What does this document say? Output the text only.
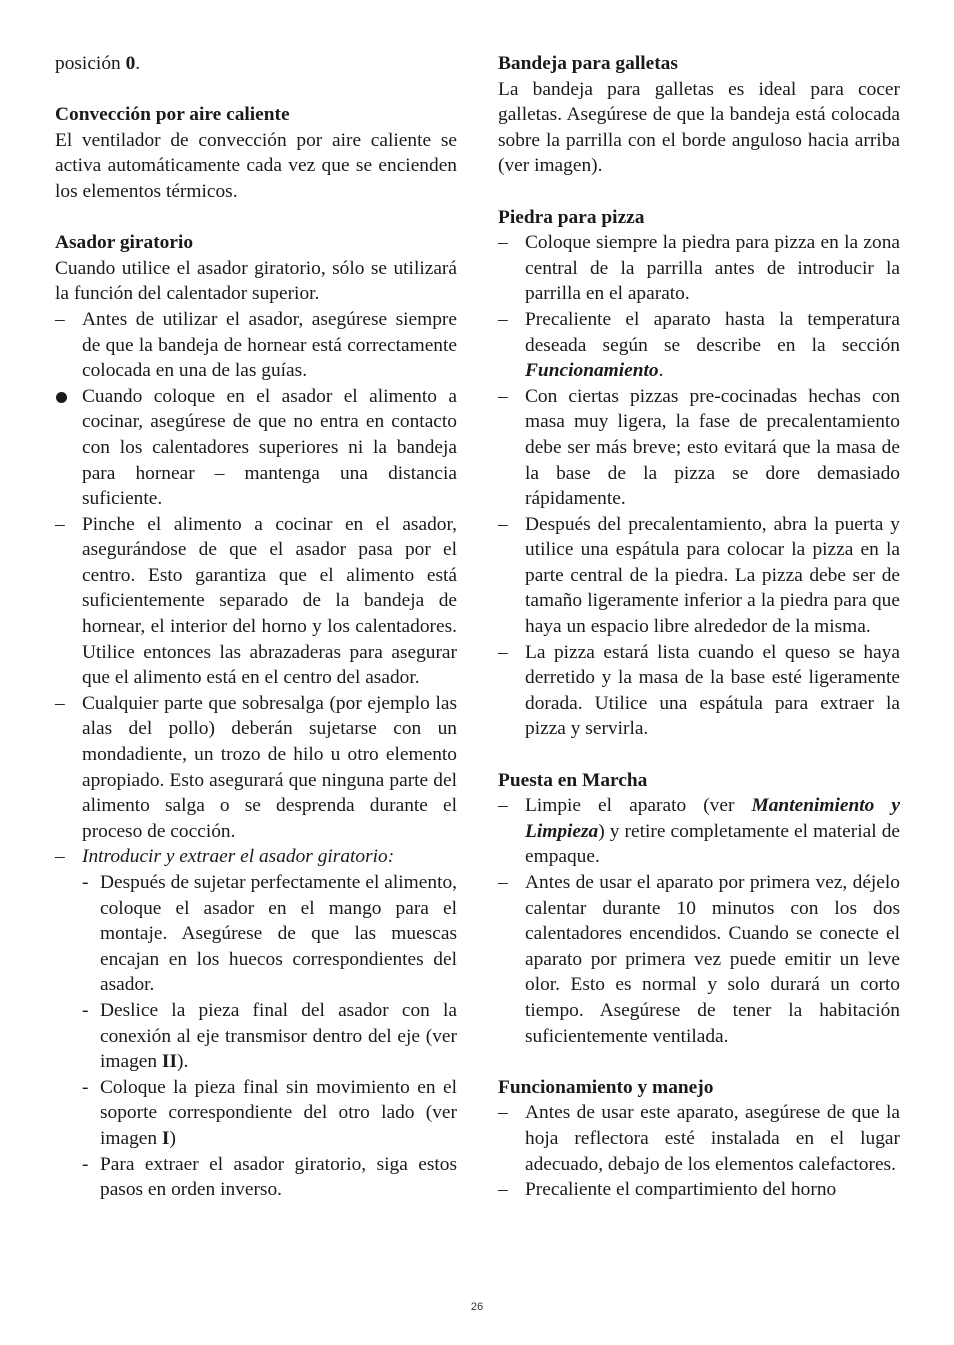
posición 0.

Convección por aire caliente

El ventilador de convección por aire caliente se activa automáticamente cada vez que se encienden los elementos térmicos.

Asador giratorio

Cuando utilice el asador giratorio, sólo se utilizará la función del calentador superior.

– Antes de utilizar el asador, asegúrese siempre de que la bandeja de hornear está correctamente colocada en una de las guías.
Cuando coloque en el asador el alimento a cocinar, asegúrese de que no entra en contacto con los calentadores superiores ni la bandeja para hornear – mantenga una distancia suficiente.
– Pinche el alimento a cocinar en el asador, asegurándose de que el asador pasa por el centro. Esto garantiza que el alimento está suficientemente separado de la bandeja de hornear, el interior del horno y los calentadores. Utilice entonces las abrazaderas para asegurar que el alimento está en el centro del asador.
– Cualquier parte que sobresalga (por ejemplo las alas del pollo) deberán sujetarse con un mondadiente, un trozo de hilo u otro elemento apropiado. Esto asegurará que ninguna parte del alimento salga o se desprenda durante el proceso de cocción.
– Introducir y extraer el asador giratorio:
- Después de sujetar perfectamente el alimento, coloque el asador en el mango para el montaje. Asegúrese de que las muescas encajan en los huecos correspondientes del asador.
- Deslice la pieza final del asador con la conexión al eje transmisor dentro del eje (ver imagen II).
- Coloque la pieza final sin movimiento en el soporte correspondiente del otro lado (ver imagen I)
- Para extraer el asador giratorio, siga estos pasos en orden inverso.

Bandeja para galletas

La bandeja para galletas es ideal para cocer galletas. Asegúrese de que la bandeja está colocada sobre la parrilla con el borde anguloso hacia arriba (ver imagen).

Piedra para pizza

– Coloque siempre la piedra para pizza en la zona central de la parrilla antes de introducir la parrilla en el aparato.
– Precaliente el aparato hasta la temperatura deseada según se describe en la sección Funcionamiento.
– Con ciertas pizzas pre-cocinadas hechas con masa muy ligera, la fase de precalentamiento debe ser más breve; esto evitará que la masa de la base de la pizza se dore demasiado rápidamente.
– Después del precalentamiento, abra la puerta y utilice una espátula para colocar la pizza en la parte central de la piedra. La pizza debe ser de tamaño ligeramente inferior a la piedra para que haya un espacio libre alrededor de la misma.
– La pizza estará lista cuando el queso se haya derretido y la masa de la base esté ligeramente dorada. Utilice una espátula para extraer la pizza y servirla.

Puesta en Marcha

– Limpie el aparato (ver Mantenimiento y Limpieza) y retire completamente el material de empaque.
– Antes de usar el aparato por primera vez, déjelo calentar durante 10 minutos con los dos calentadores encendidos. Cuando se conecte el aparato por primera vez puede emitir un leve olor. Esto es normal y solo durará un corto tiempo. Asegúrese de tener la habitación suficientemente ventilada.

Funcionamiento y manejo

– Antes de usar este aparato, asegúrese de que la hoja reflectora esté instalada en el lugar adecuado, debajo de los elementos calefactores.
– Precaliente el compartimiento del horno
26
